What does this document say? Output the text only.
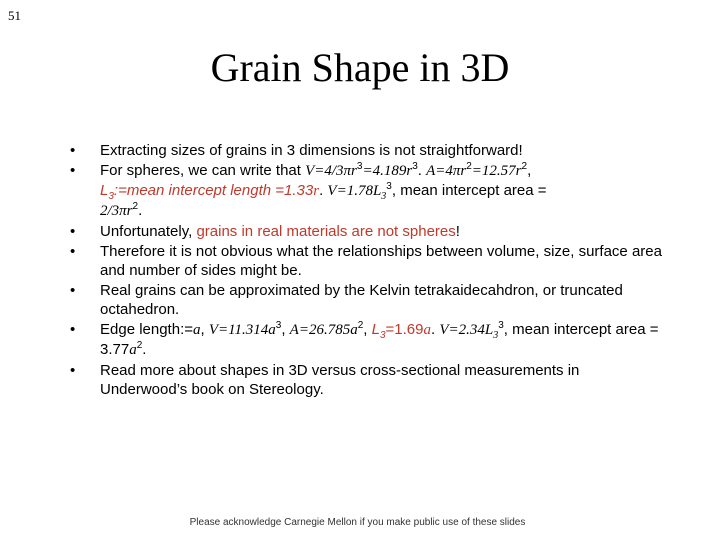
51
Grain Shape in 3D
•	Extracting sizes of grains in 3 dimensions is not straightforward!
•	For spheres, we can write that $V=4/3\pi r^3=4.189r^3$. $A=4\pi r^2=12.57r^2$,
$L_3:=mean$ intercept length =1.33r. $V=1.78L_3^3$, mean intercept area =
$2/3\pi r^2$.
•	Unfortunately, grains in real materials are not spheres!
•	Therefore it is not obvious what the relationships between volume, size, surface area and number of sides might be.
•	Real grains can be approximated by the Kelvin tetrakaidecahdron, or truncated octahedron.
•	Edge length:=a, $V=11.314a^3$, $A=26.785a^2$, $L_3=1.69a$. $V=2.34L_3^3$, mean intercept area = $3.77a^2$.
•	Read more about shapes in 3D versus cross-sectional measurements in Underwood’s book on Stereology.
Please acknowledge Carnegie Mellon if you make public use of these slides
